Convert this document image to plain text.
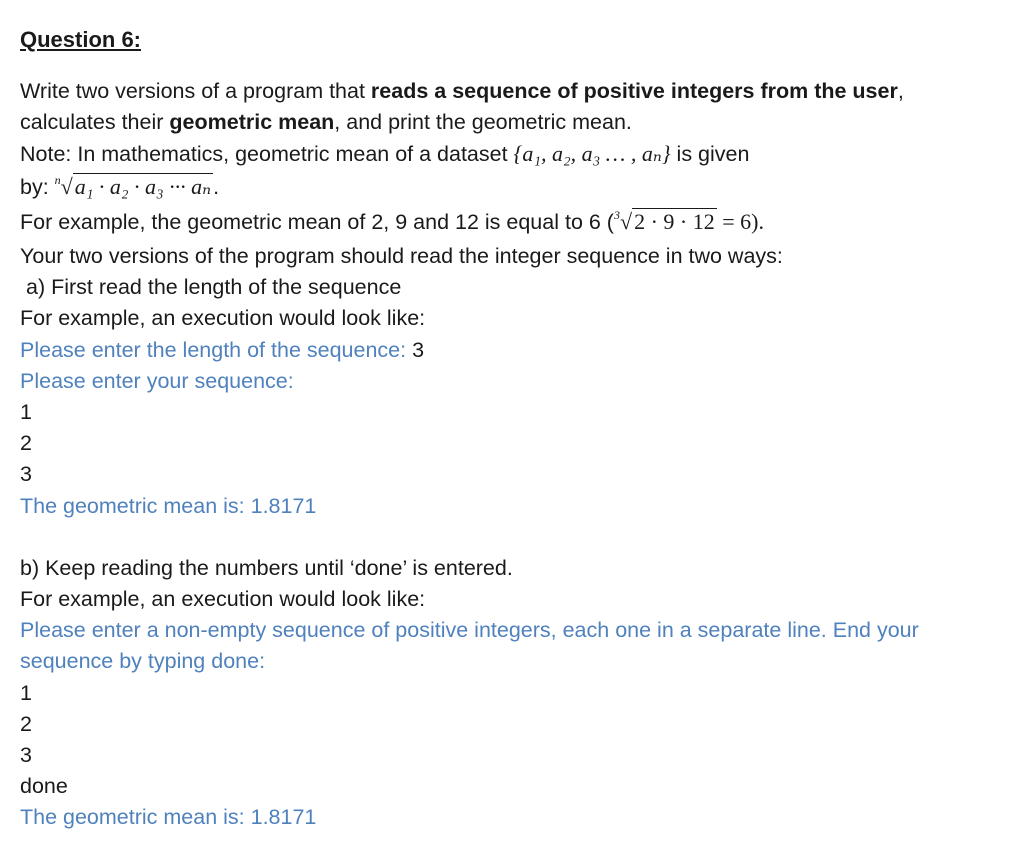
Question 6:
Write two versions of a program that reads a sequence of positive integers from the user, calculates their geometric mean, and print the geometric mean.
Note: In mathematics, geometric mean of a dataset {a₁, a₂, a₃ … , aₙ} is given
by: $^n$√a₁ · a₂ · a₃ ··· aₙ.
For example, the geometric mean of 2, 9 and 12 is equal to 6 ($^3$√2 · 9 · 12 = 6).
Your two versions of the program should read the integer sequence in two ways:
a) First read the length of the sequence
For example, an execution would look like:
Please enter the length of the sequence: 3
Please enter your sequence:
1
2
3
The geometric mean is: 1.8171
b) Keep reading the numbers until ‘done’ is entered.
For example, an execution would look like:
Please enter a non-empty sequence of positive integers, each one in a separate line. End your sequence by typing done:
1
2
3
done
The geometric mean is: 1.8171
